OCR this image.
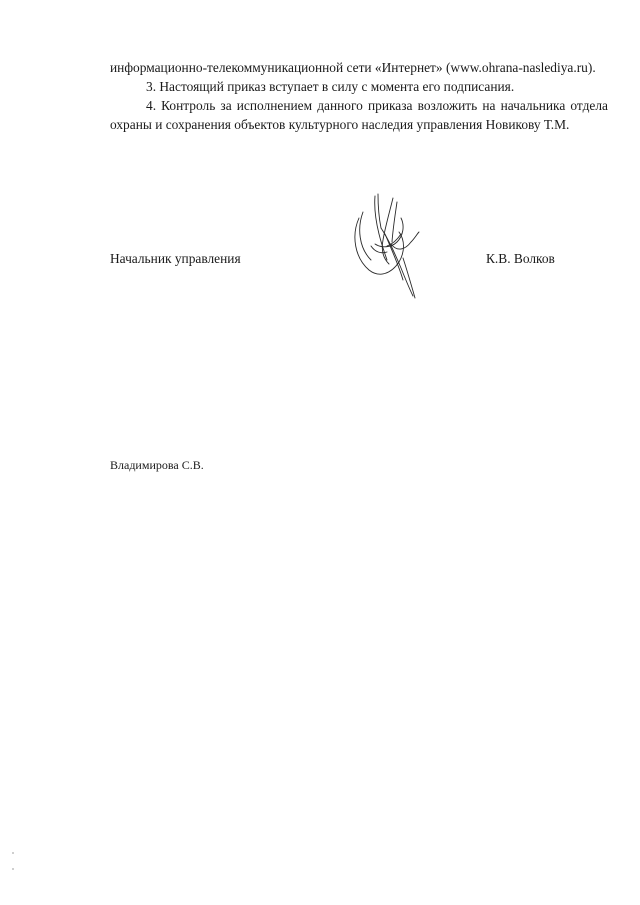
информационно-телекоммуникационной сети «Интернет» (www.ohrana-naslediya.ru).

3. Настоящий приказ вступает в силу с момента его подписания.

4. Контроль за исполнением данного приказа возложить на начальника отдела охраны и сохранения объектов культурного наследия управления Новикову Т.М.

Начальник управления	К.В. Волков
Владимирова С.В.
